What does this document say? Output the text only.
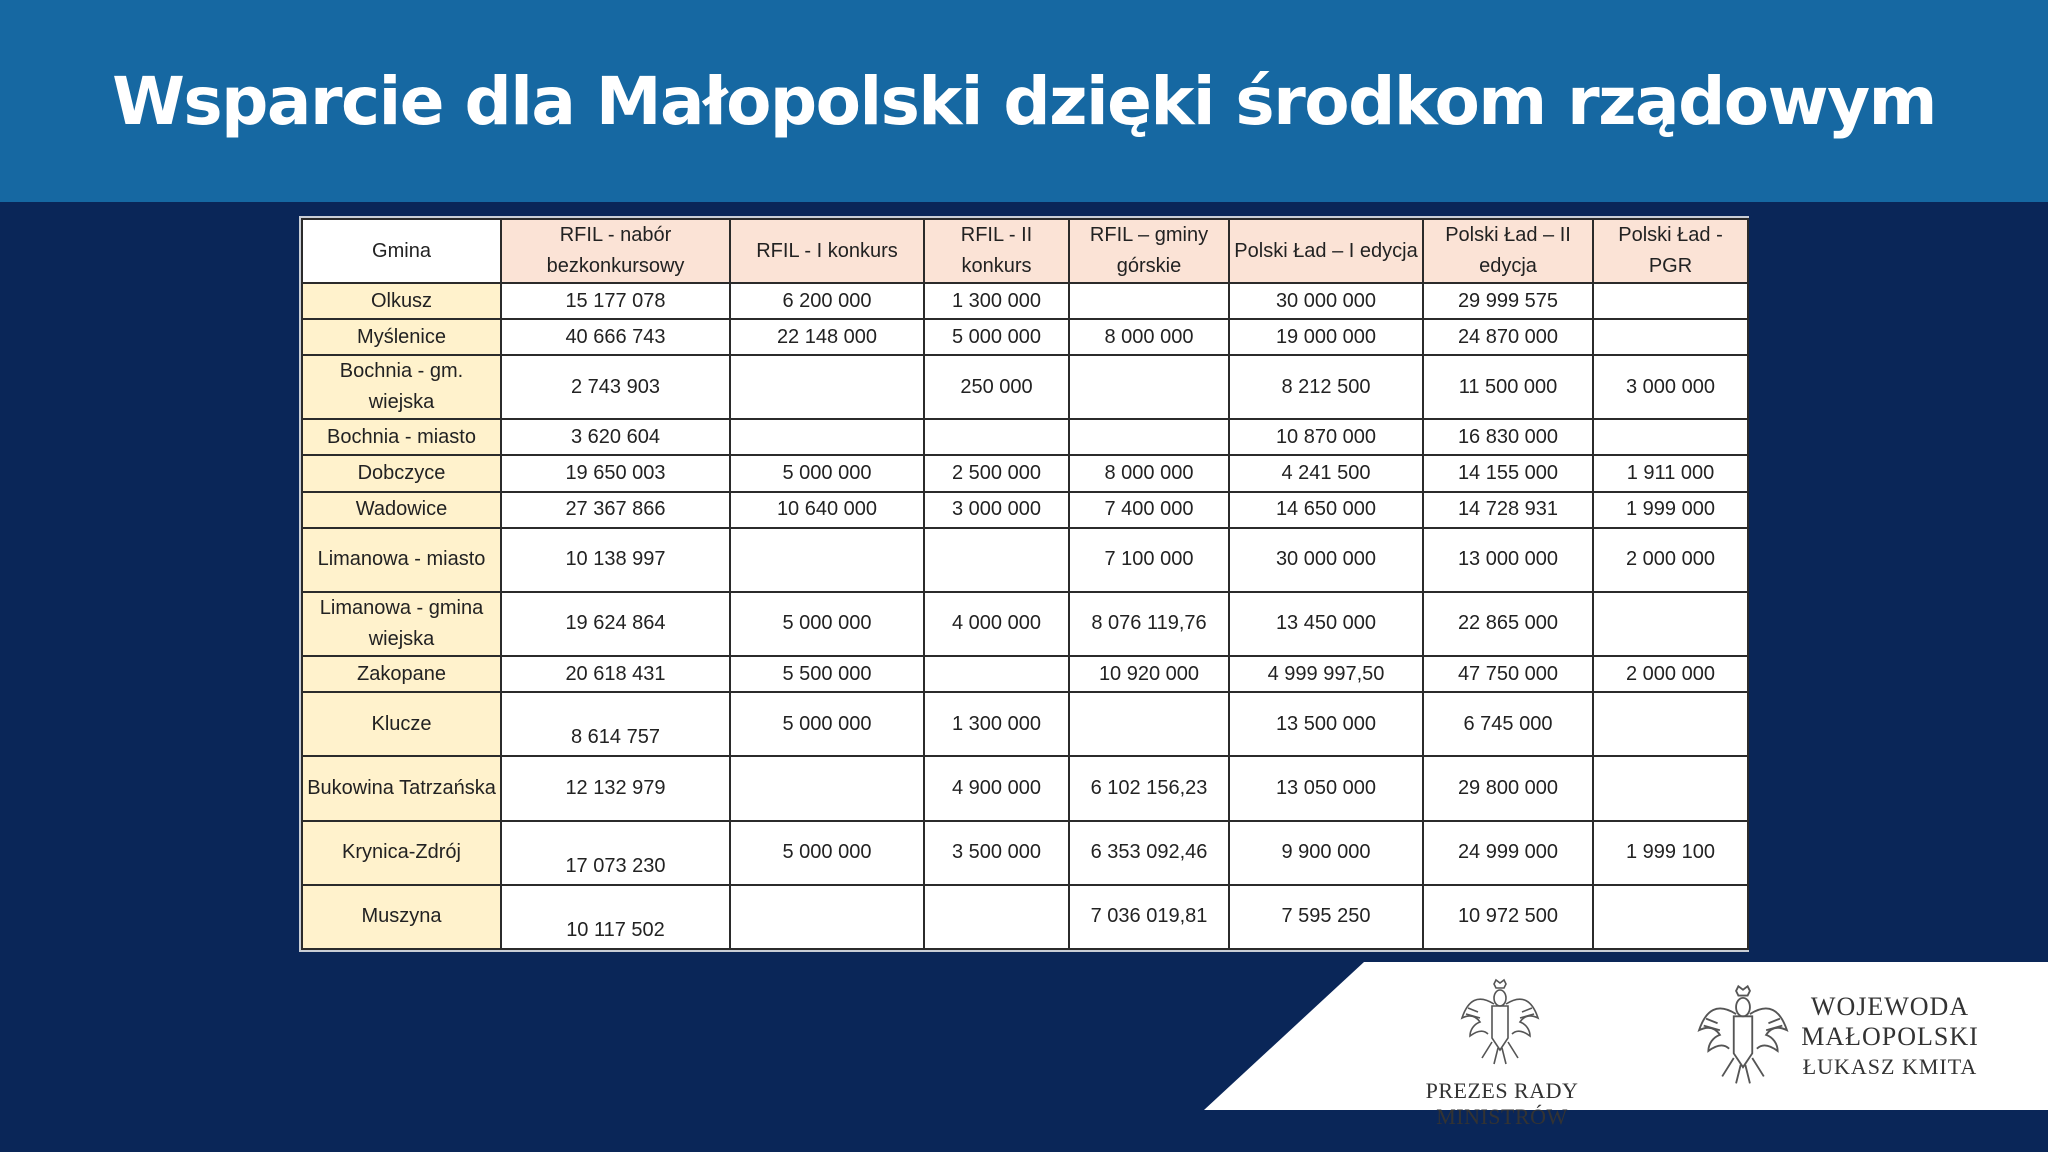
Wsparcie dla Małopolski dzięki środkom rządowym
Gmina	RFIL - nabór bezkonkursowy	RFIL - I konkurs	RFIL - II konkurs	RFIL – gminy górskie	Polski Ład – I edycja	Polski Ład – II edycja	Polski Ład - PGR
Olkusz	15 177 078	6 200 000	1 300 000		30 000 000	29 999 575	
Myślenice	40 666 743	22 148 000	5 000 000	8 000 000	19 000 000	24 870 000	
Bochnia - gm. wiejska	2 743 903		250 000		8 212 500	11 500 000	3 000 000
Bochnia - miasto	3 620 604				10 870 000	16 830 000	
Dobczyce	19 650 003	5 000 000	2 500 000	8 000 000	4 241 500	14 155 000	1 911 000
Wadowice	27 367 866	10 640 000	3 000 000	7 400 000	14 650 000	14 728 931	1 999 000
Limanowa - miasto	10 138 997			7 100 000	30 000 000	13 000 000	2 000 000
Limanowa - gmina wiejska	19 624 864	5 000 000	4 000 000	8 076 119,76	13 450 000	22 865 000	
Zakopane	20 618 431	5 500 000		10 920 000	4 999 997,50	47 750 000	2 000 000
Klucze	8 614 757	5 000 000	1 300 000		13 500 000	6 745 000	
Bukowina Tatrzańska	12 132 979		4 900 000	6 102 156,23	13 050 000	29 800 000	
Krynica-Zdrój	17 073 230	5 000 000	3 500 000	6 353 092,46	9 900 000	24 999 000	1 999 100
Muszyna	10 117 502			7 036 019,81	7 595 250	10 972 500	
PREZES RADY MINISTRÓW
WOJEWODA
MAŁOPOLSKI
ŁUKASZ KMITA
